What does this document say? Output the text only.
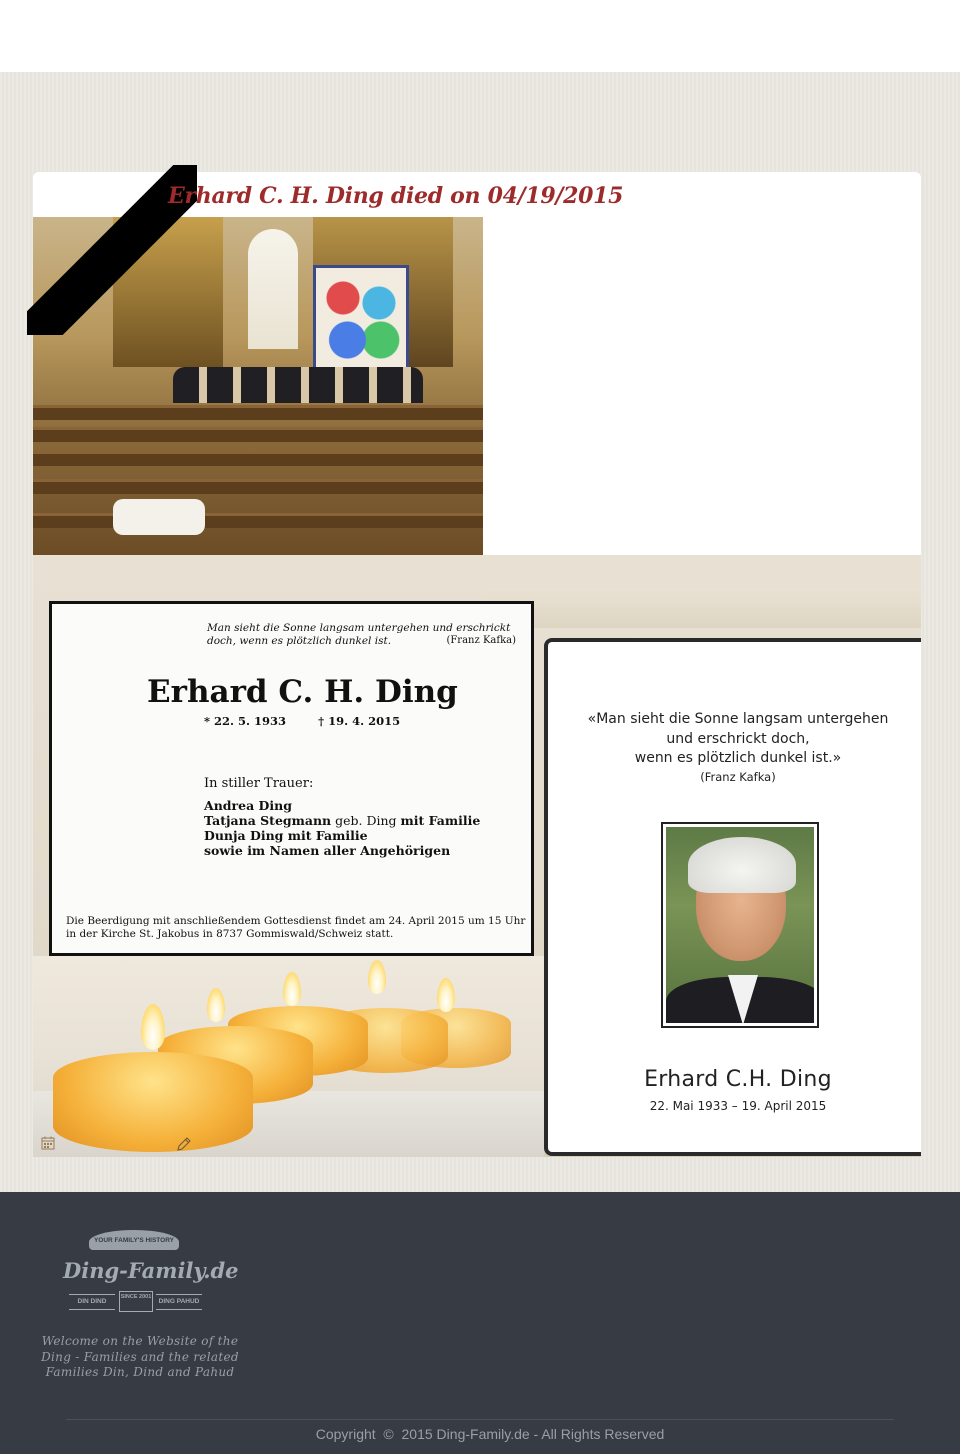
Erhard C. H. Ding died on 04/19/2015
Man sieht die Sonne langsam untergehen und erschrickt doch, wenn es plötzlich dunkel ist.	(Franz Kafka)
Erhard C. H. Ding
* 22. 5. 1933	† 19. 4. 2015
In stiller Trauer:
Andrea Ding
Tatjana Stegmann geb. Ding mit Familie
Dunja Ding mit Familie
sowie im Namen aller Angehörigen
Die Beerdigung mit anschließendem Gottesdienst findet am 24. April 2015 um 15 Uhr in der Kirche St. Jakobus in 8737 Gommiswald/Schweiz statt.
«Man sieht die Sonne langsam untergehen
und erschrickt doch,
wenn es plötzlich dunkel ist.»
(Franz Kafka)
Erhard C.H. Ding
22. Mai 1933 – 19. April 2015
YOUR FAMILY'S HISTORY
Ding-Family.de
DIN DIND
SINCE 2001
DING PAHUD
Welcome on the Website of the Ding - Families and the related Families Din, Dind and Pahud
Copyright  ©  2015 Ding-Family.de - All Rights Reserved
